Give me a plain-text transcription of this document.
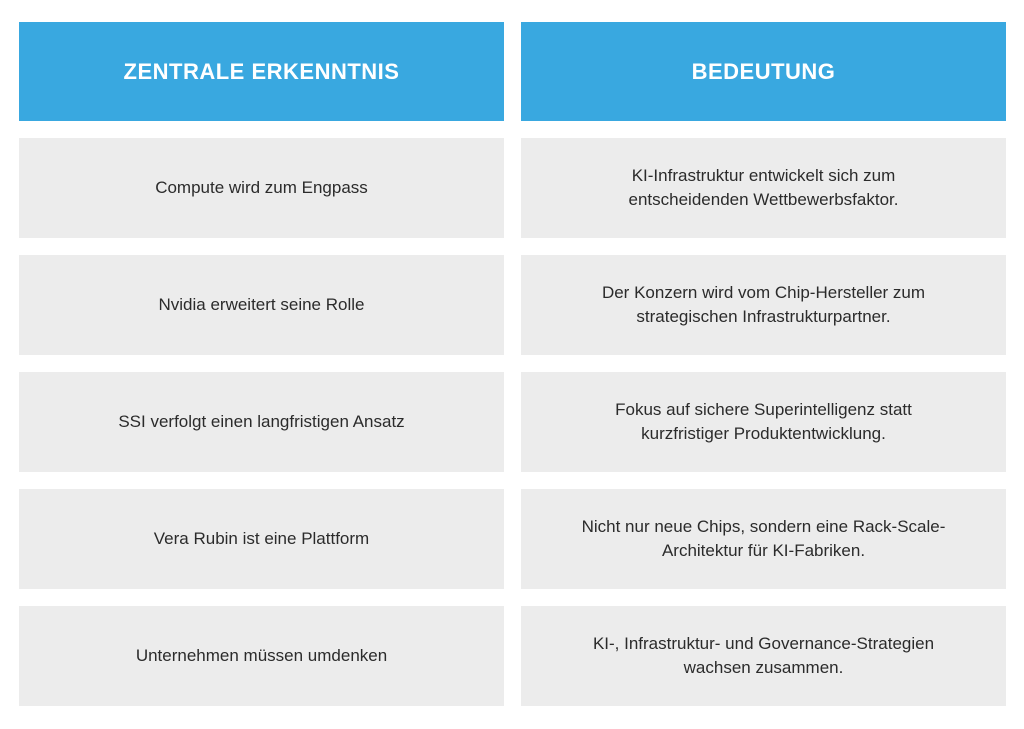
ZENTRALE ERKENNTNIS
Compute wird zum Engpass
Nvidia erweitert seine Rolle
SSI verfolgt einen langfristigen Ansatz
Vera Rubin ist eine Plattform
Unternehmen müssen umdenken
BEDEUTUNG
KI-Infrastruktur entwickelt sich zum
entscheidenden Wettbewerbsfaktor.
Der Konzern wird vom Chip-Hersteller zum
strategischen Infrastrukturpartner.
Fokus auf sichere Superintelligenz statt
kurzfristiger Produktentwicklung.
Nicht nur neue Chips, sondern eine Rack-Scale-
Architektur für KI-Fabriken.
KI-, Infrastruktur- und Governance-Strategien
wachsen zusammen.
